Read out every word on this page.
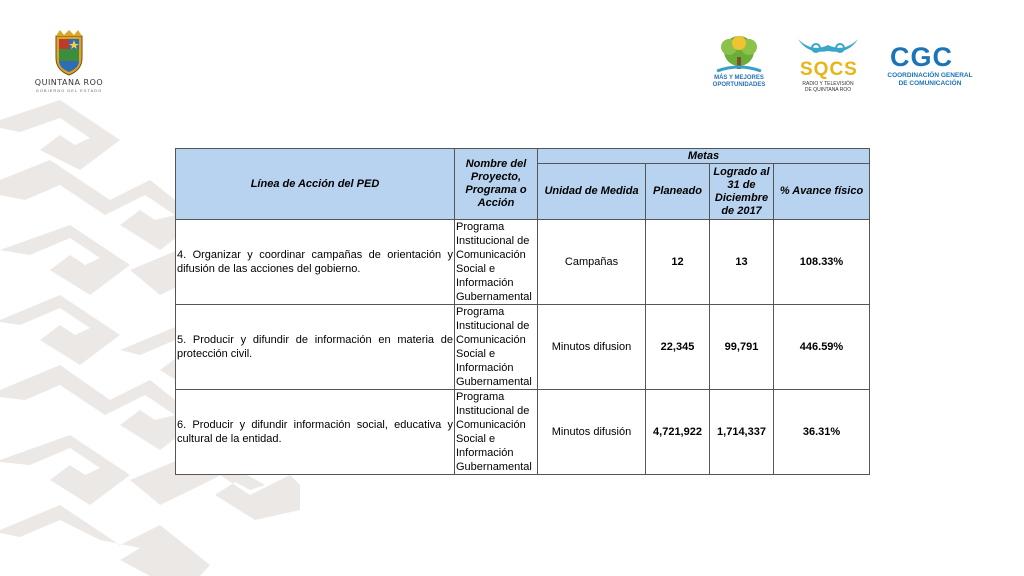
QUINTANA ROO
GOBIERNO DEL ESTADO
MÁS Y MEJORES
OPORTUNIDADES
SQCS
RADIO Y TELEVISIÓN
DE QUINTANA ROO
CGC
COORDINACIÓN GENERAL
DE COMUNICACIÓN
Línea de Acción del PED	Nombre del Proyecto, Programa o Acción	Metas			
		Unidad de Medida	Planeado	Logrado al 31 de Diciembre de 2017	% Avance físico
4. Organizar y coordinar campañas de orientación y difusión de las acciones del gobierno.	Programa Institucional de Comunicación Social e Información Gubernamental	Campañas	12	13	108.33%
5. Producir y difundir de información en materia de protección civil.	Programa Institucional de Comunicación Social e Información Gubernamental	Minutos difusion	22,345	99,791	446.59%
6. Producir y difundir información social, educativa y cultural de la entidad.	Programa Institucional de Comunicación Social e Información Gubernamental	Minutos difusión	4,721,922	1,714,337	36.31%
